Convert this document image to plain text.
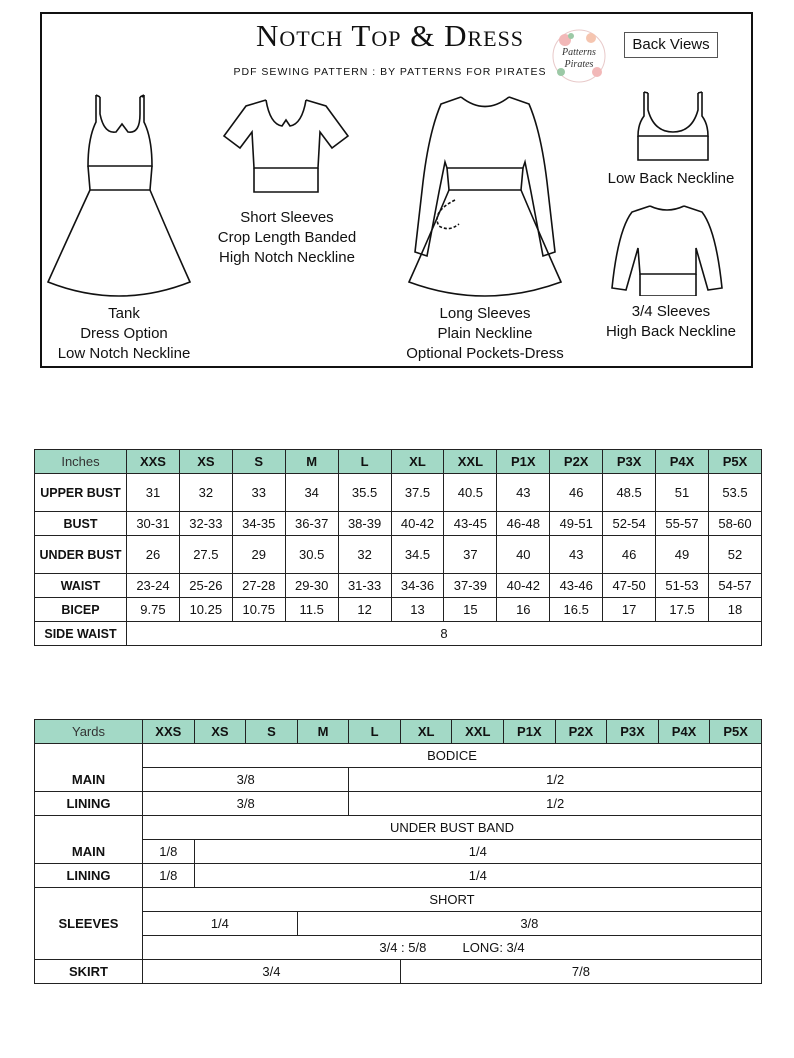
Notch Top & Dress
PDF SEWING PATTERN : BY PATTERNS FOR PIRATES
Patterns
Pirates
Back Views
Tank
Dress Option
Low Notch Neckline
Short Sleeves
Crop Length Banded
High Notch Neckline
Long Sleeves
Plain Neckline
Optional Pockets-Dress
Low Back Neckline
3/4 Sleeves
High Back Neckline
Inches	XXS	XS	S	M	L	XL	XXL	P1X	P2X	P3X	P4X	P5X
UPPER BUST	31	32	33	34	35.5	37.5	40.5	43	46	48.5	51	53.5
BUST	30-31	32-33	34-35	36-37	38-39	40-42	43-45	46-48	49-51	52-54	55-57	58-60
UNDER BUST	26	27.5	29	30.5	32	34.5	37	40	43	46	49	52
WAIST	23-24	25-26	27-28	29-30	31-33	34-36	37-39	40-42	43-46	47-50	51-53	54-57
BICEP	9.75	10.25	10.75	11.5	12	13	15	16	16.5	17	17.5	18
SIDE WAIST	8											
Yards	XXS	XS	S	M	L	XL	XXL	P1X	P2X	P3X	P4X	P5X
	BODICE											
MAIN	3/8				1/2							
LINING	3/8				1/2							
	UNDER BUST BAND											
MAIN	1/8	1/4										
LINING	1/8	1/4										
SLEEVES	SHORT											
	1/4			3/8								
	3/4 : 5/8          LONG: 3/4											
SKIRT	3/4					7/8						
